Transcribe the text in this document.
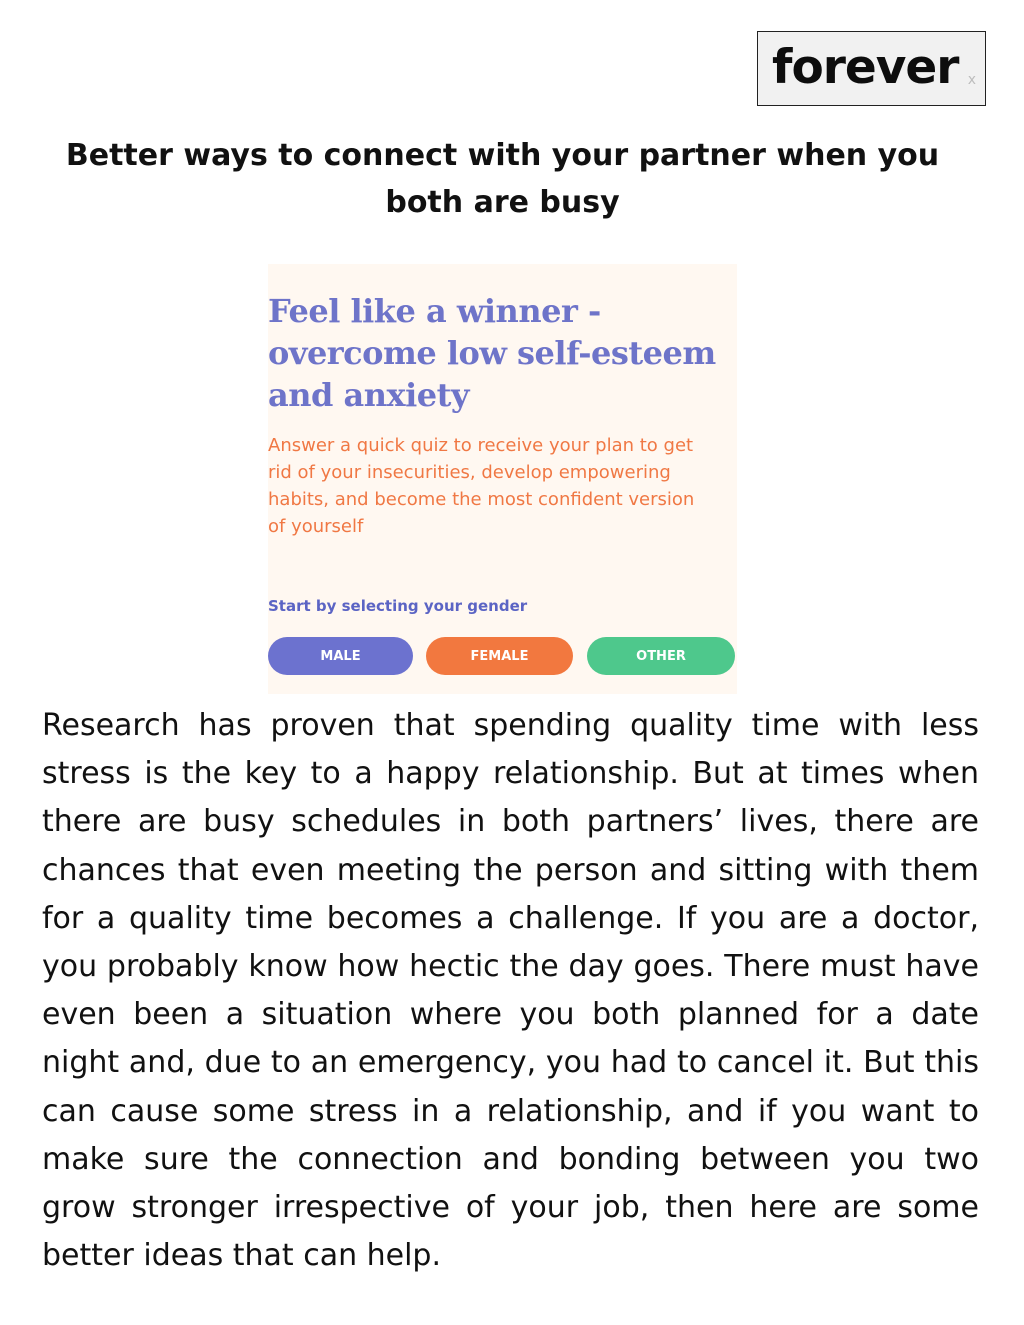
forever x
Better ways to connect with your partner when you both are busy
Feel like a winner - overcome low self-esteem and anxiety
Answer a quick quiz to receive your plan to get rid of your insecurities, develop empowering habits, and become the most confident version of yourself
Start by selecting your gender
MALE	FEMALE	OTHER

Research has proven that spending quality time with less stress is the key to a happy relationship. But at times when there are busy schedules in both partners’ lives, there are chances that even meeting the person and sitting with them for a quality time becomes a challenge. If you are a doctor, you probably know how hectic the day goes. There must have even been a situation where you both planned for a date night and, due to an emergency, you had to cancel it. But this can cause some stress in a relationship, and if you want to make sure the connection and bonding between you two grow stronger irrespective of your job, then here are some better ideas that can help.
